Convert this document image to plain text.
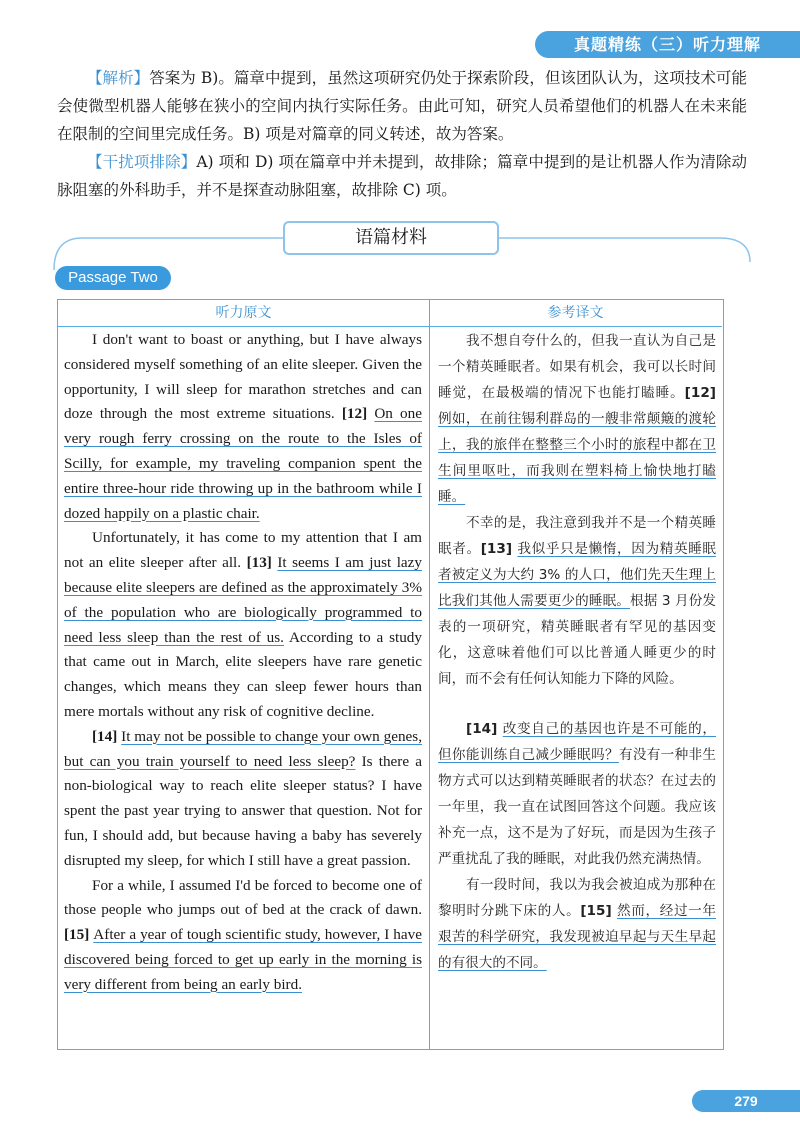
真题精练（三）听力理解

【解析】答案为 B)。篇章中提到，虽然这项研究仍处于探索阶段，但该团队认为，这项技术可能会使微型机器人能够在狭小的空间内执行实际任务。由此可知，研究人员希望他们的机器人在未来能在限制的空间里完成任务。B) 项是对篇章的同义转述，故为答案。

【干扰项排除】A) 项和 D) 项在篇章中并未提到，故排除；篇章中提到的是让机器人作为清除动脉阻塞的外科助手，并不是探查动脉阻塞，故排除 C) 项。

语篇材料
Passage Two
听力原文	参考译文

I don't want to boast or anything, but I have always considered myself something of an elite sleeper. Given the opportunity, I will sleep for marathon stretches and can doze through the most extreme situations. [12] On one very rough ferry crossing on the route to the Isles of Scilly, for example, my traveling companion spent the entire three-hour ride throwing up in the bathroom while I dozed happily on a plastic chair.

Unfortunately, it has come to my attention that I am not an elite sleeper after all. [13] It seems I am just lazy because elite sleepers are defined as the approximately 3% of the population who are biologically programmed to need less sleep than the rest of us. According to a study that came out in March, elite sleepers have rare genetic changes, which means they can sleep fewer hours than mere mortals without any risk of cognitive decline.

[14] It may not be possible to change your own genes, but can you train yourself to need less sleep? Is there a non-biological way to reach elite sleeper status? I have spent the past year trying to answer that question. Not for fun, I should add, but because having a baby has severely disrupted my sleep, for which I still have a great passion.

For a while, I assumed I'd be forced to become one of those people who jumps out of bed at the crack of dawn. [15] After a year of tough scientific study, however, I have discovered being forced to get up early in the morning is very different from being an early bird.

我不想自夸什么的，但我一直认为自己是一个精英睡眠者。如果有机会，我可以长时间睡觉，在最极端的情况下也能打瞌睡。[12] 例如，在前往锡利群岛的一艘非常颠簸的渡轮上，我的旅伴在整整三个小时的旅程中都在卫生间里呕吐，而我则在塑料椅上愉快地打瞌睡。

不幸的是，我注意到我并不是一个精英睡眠者。[13] 我似乎只是懒惰，因为精英睡眠者被定义为大约 3% 的人口，他们先天生理上比我们其他人需要更少的睡眠。根据 3 月份发表的一项研究，精英睡眠者有罕见的基因变化，这意味着他们可以比普通人睡更少的时间，而不会有任何认知能力下降的风险。

[14] 改变自己的基因也许是不可能的，但你能训练自己减少睡眠吗？有没有一种非生物方式可以达到精英睡眠者的状态？在过去的一年里，我一直在试图回答这个问题。我应该补充一点，这不是为了好玩，而是因为生孩子严重扰乱了我的睡眠，对此我仍然充满热情。

有一段时间，我以为我会被迫成为那种在黎明时分跳下床的人。[15] 然而，经过一年艰苦的科学研究，我发现被迫早起与天生早起的有很大的不同。

279
